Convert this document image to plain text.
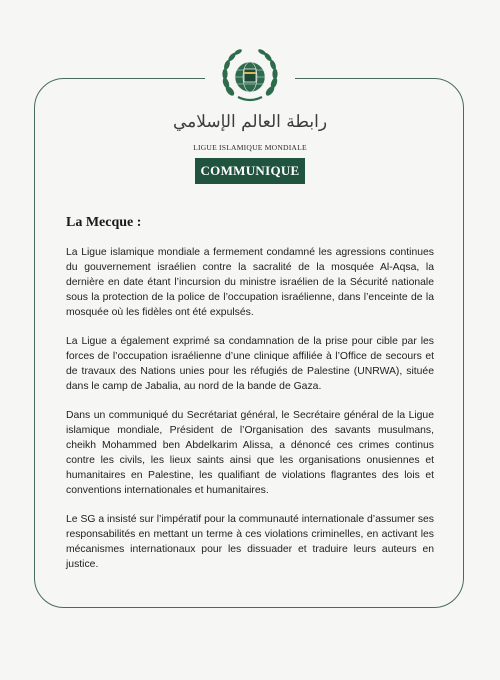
رابطة العالم الإسلامي
LIGUE ISLAMIQUE MONDIALE
COMMUNIQUE
La Mecque :

La Ligue islamique mondiale a fermement condamné les agressions continues du gouvernement israélien contre la sacralité de la mosquée Al-Aqsa, la dernière en date étant l’incursion du ministre israélien de la Sécurité nationale sous la protection de la police de l’occupation israélienne, dans l’enceinte de la mosquée où les fidèles ont été expulsés.

La Ligue a également exprimé sa condamnation de la prise pour cible par les forces de l’occupation israélienne d’une clinique affiliée à l’Office de secours et de travaux des Nations unies pour les réfugiés de Palestine (UNRWA), située dans le camp de Jabalia, au nord de la bande de Gaza.

Dans un communiqué du Secrétariat général, le Secrétaire général de la Ligue islamique mondiale, Président de l’Organisation des savants musulmans, cheikh Mohammed ben Abdelkarim Alissa, a dénoncé ces crimes continus contre les civils, les lieux saints ainsi que les organisations onusiennes et humanitaires en Palestine, les qualifiant de violations flagrantes des lois et conventions internationales et humanitaires.

Le SG a insisté sur l’impératif pour la communauté internationale d’assumer ses responsabilités en mettant un terme à ces violations criminelles, en activant les mécanismes internationaux pour les dissuader et traduire leurs auteurs en justice.
